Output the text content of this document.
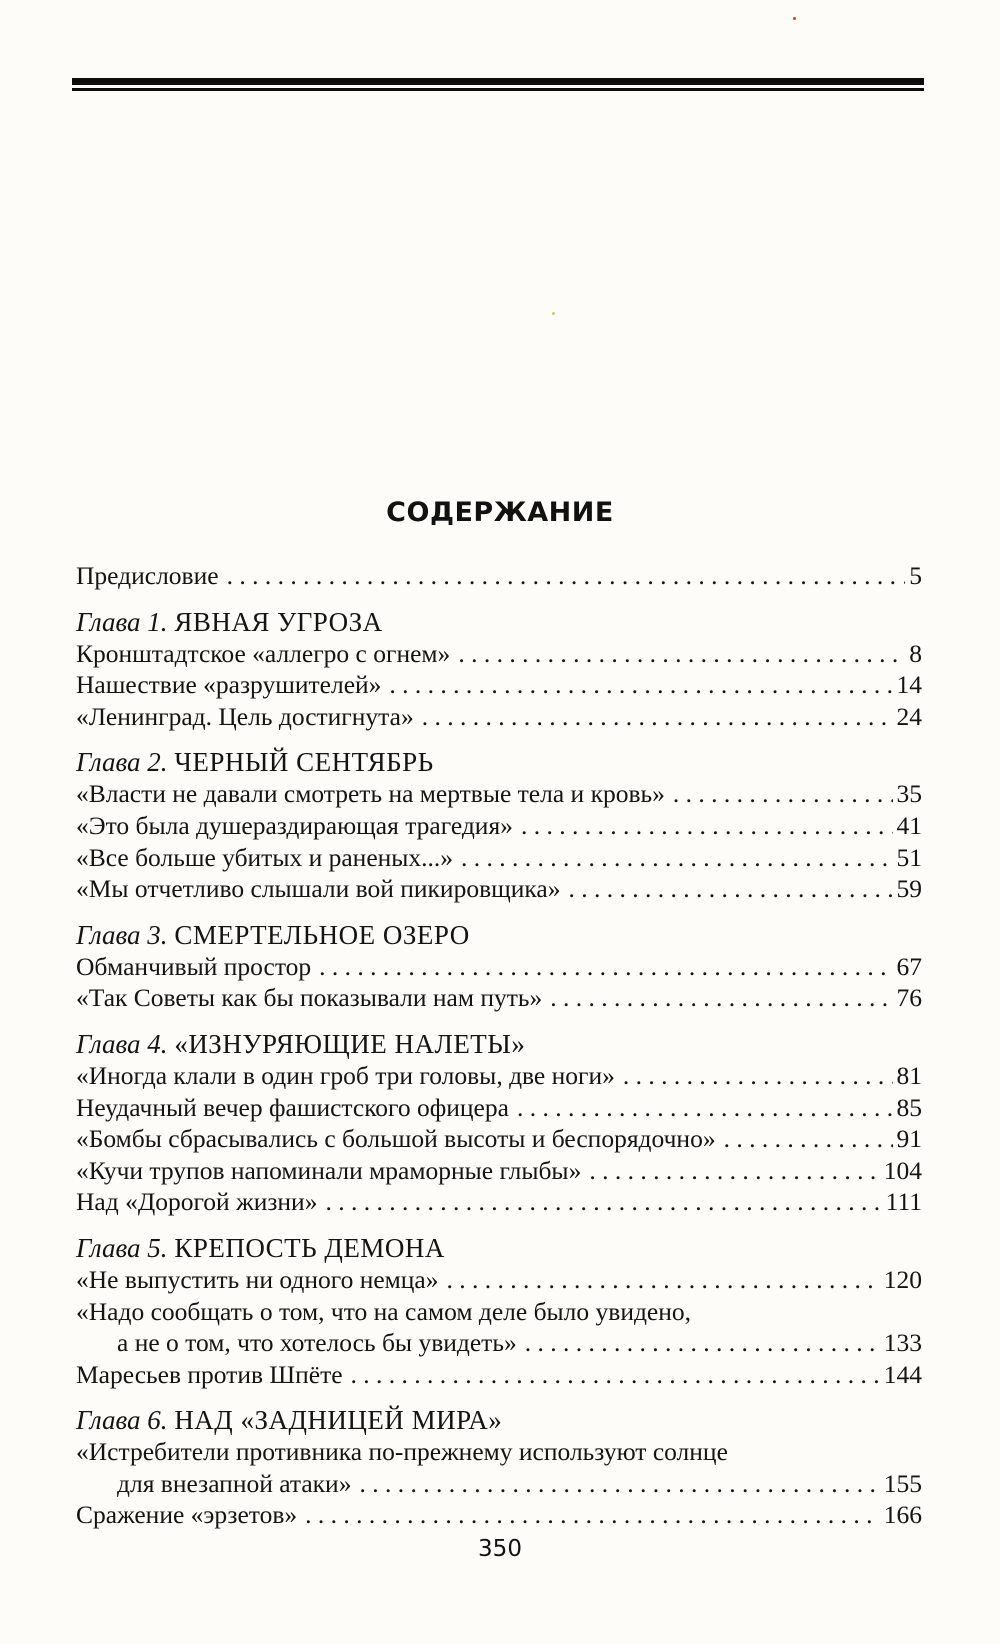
СОДЕРЖАНИЕ
Предисловие . . .	5
Глава 1. ЯВНАЯ УГРОЗА
Кронштадтское «аллегро с огнем» . . .	8
Нашествие «разрушителей» . . .	14
«Ленинград. Цель достигнута» . . .	24
Глава 2. ЧЕРНЫЙ СЕНТЯБРЬ
«Власти не давали смотреть на мертвые тела и кровь» . . .	35
«Это была душераздирающая трагедия» . . .	41
«Все больше убитых и раненых...» . . .	51
«Мы отчетливо слышали вой пикировщика» . . .	59
Глава 3. СМЕРТЕЛЬНОЕ ОЗЕРО
Обманчивый простор . . .	67
«Так Советы как бы показывали нам путь» . . .	76
Глава 4. «ИЗНУРЯЮЩИЕ НАЛЕТЫ»
«Иногда клали в один гроб три головы, две ноги» . . .	81
Неудачный вечер фашистского офицера . . .	85
«Бомбы сбрасывались с большой высоты и беспорядочно» . . .	91
«Кучи трупов напоминали мраморные глыбы» . . .	104
Над «Дорогой жизни» . . .	111
Глава 5. КРЕПОСТЬ ДЕМОНА
«Не выпустить ни одного немца» . . .	120
«Надо сообщать о том, что на самом деле было увидено,
а не о том, что хотелось бы увидеть» . . .	133
Маресьев против Шпёте . . .	144
Глава 6. НАД «ЗАДНИЦЕЙ МИРА»
«Истребители противника по-прежнему используют солнце
для внезапной атаки» . . .	155
Сражение «эрзетов» . . .	166
350
